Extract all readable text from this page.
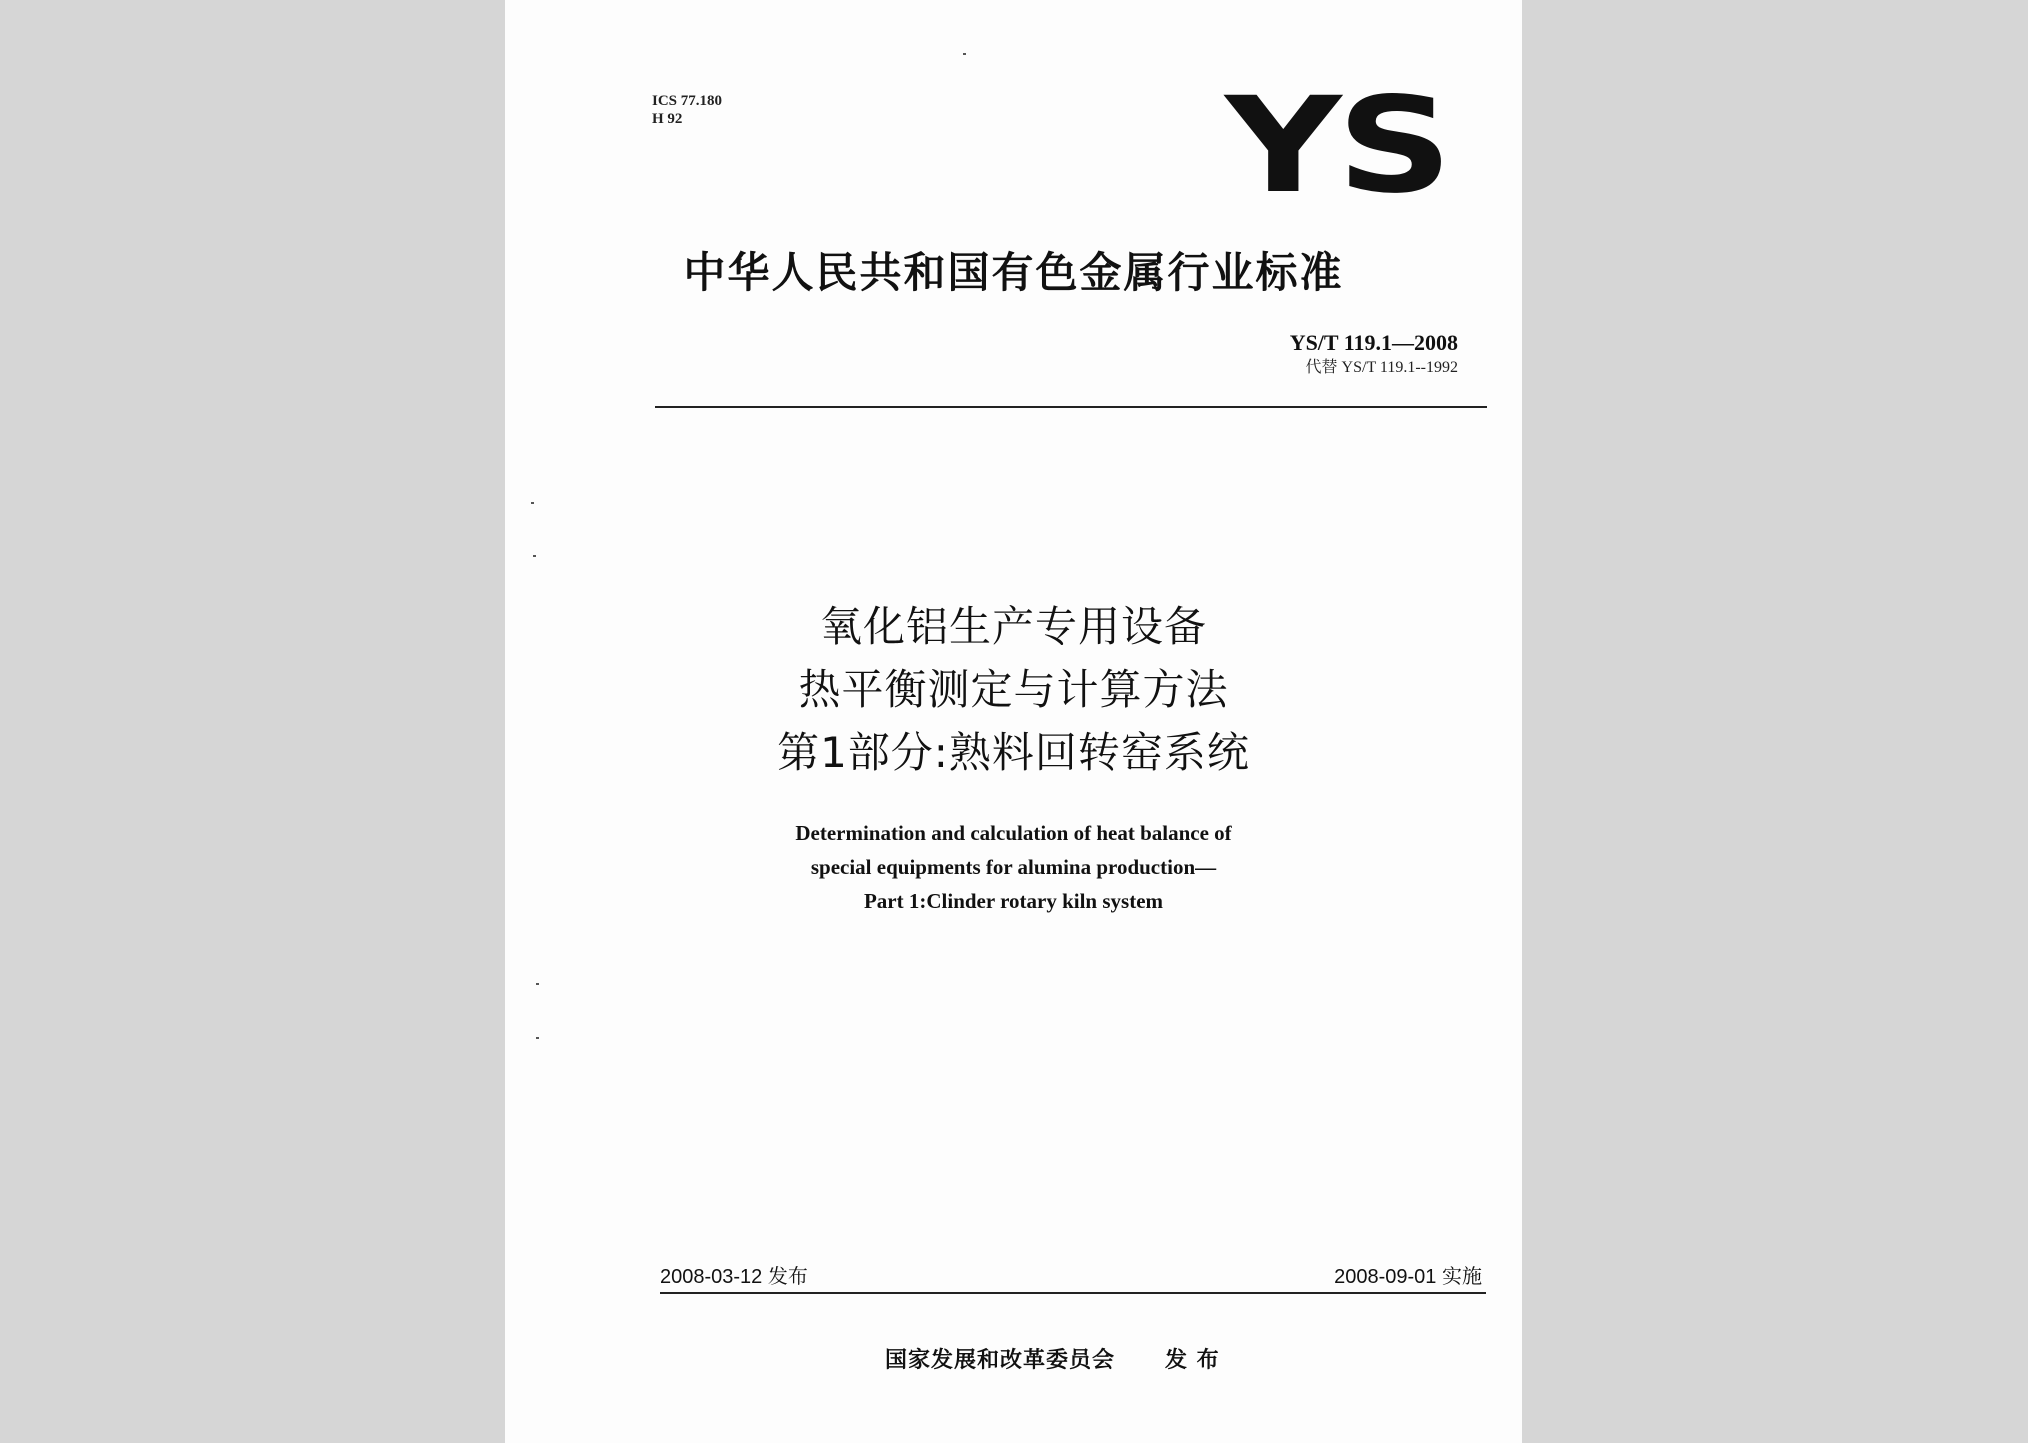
ICS 77.180
H 92	YS
中华人民共和国有色金属行业标准
YS/T 119.1—2008
代替 YS/T 119.1--1992
氧化铝生产专用设备
热平衡测定与计算方法
第1部分:熟料回转窑系统
Determination and calculation of heat balance of
special equipments for alumina production—
Part 1:Clinder rotary kiln system
2008-03-12 发布	2008-09-01 实施
国家发展和改革委员会 发 布
